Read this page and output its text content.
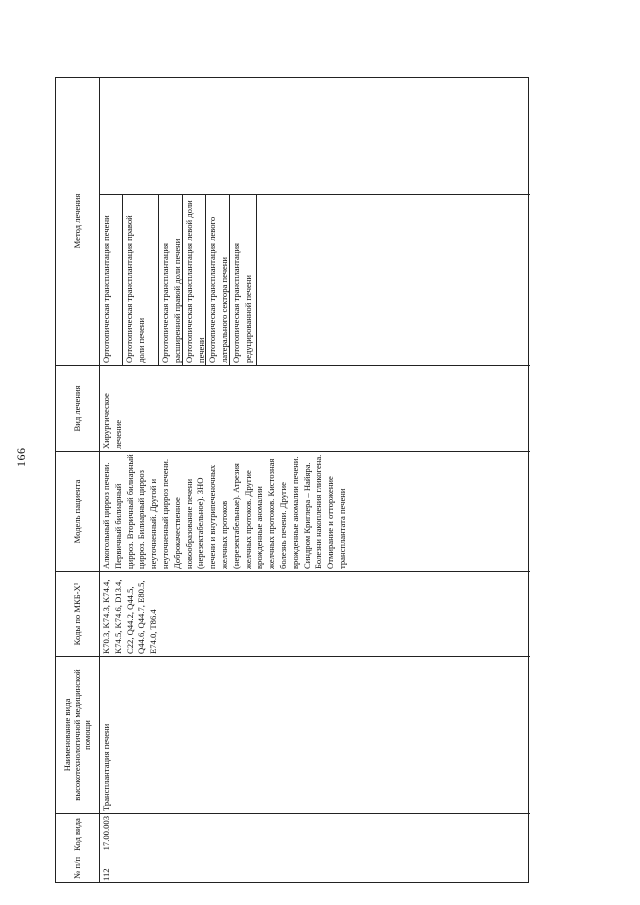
166
№ п/п
Код вида
Наименование вида высокотехнологичной медицинской помощи
Коды по МКБ-Х¹
Модель пациента
Вид лечения
Метод лечения
112
17.00.003
Трансплантация печени
K70.3, K74.3, K74.4, K74.5, K74.6, D13.4, C22, Q44.2, Q44.5, Q44.6, Q44.7, E80.5, E74.0, T86.4
Алкогольный цирроз печени. Первичный билиарный цирроз. Вторичный билиарный цирроз. Билиарный цирроз неуточненный. Другой и неуточненный цирроз печени. Доброкачественное новообразование печени (нерезектабельное). ЗНО печени и внутрипеченочных желчных протоков (нерезектабельные). Атрезия желчных протоков. Другие врожденные аномалии желчных протоков. Кистозная болезнь печени. Другие врожденные аномалии печени. Синдром Криглера – Найяра. Болезни накопления гликогена. Отмирание и отторжение трансплантата печени
Хирургическое лечение
Ортотопическая трансплантация печени	Ортотопическая трансплантация правой доли печени	Ортотопическая трансплантация расширенной правой доли печени Ортотопическая трансплантация левой доли печени Ортотопическая трансплантация левого латерального сектора печени Ортотопическая трансплантация редуцированной печени
